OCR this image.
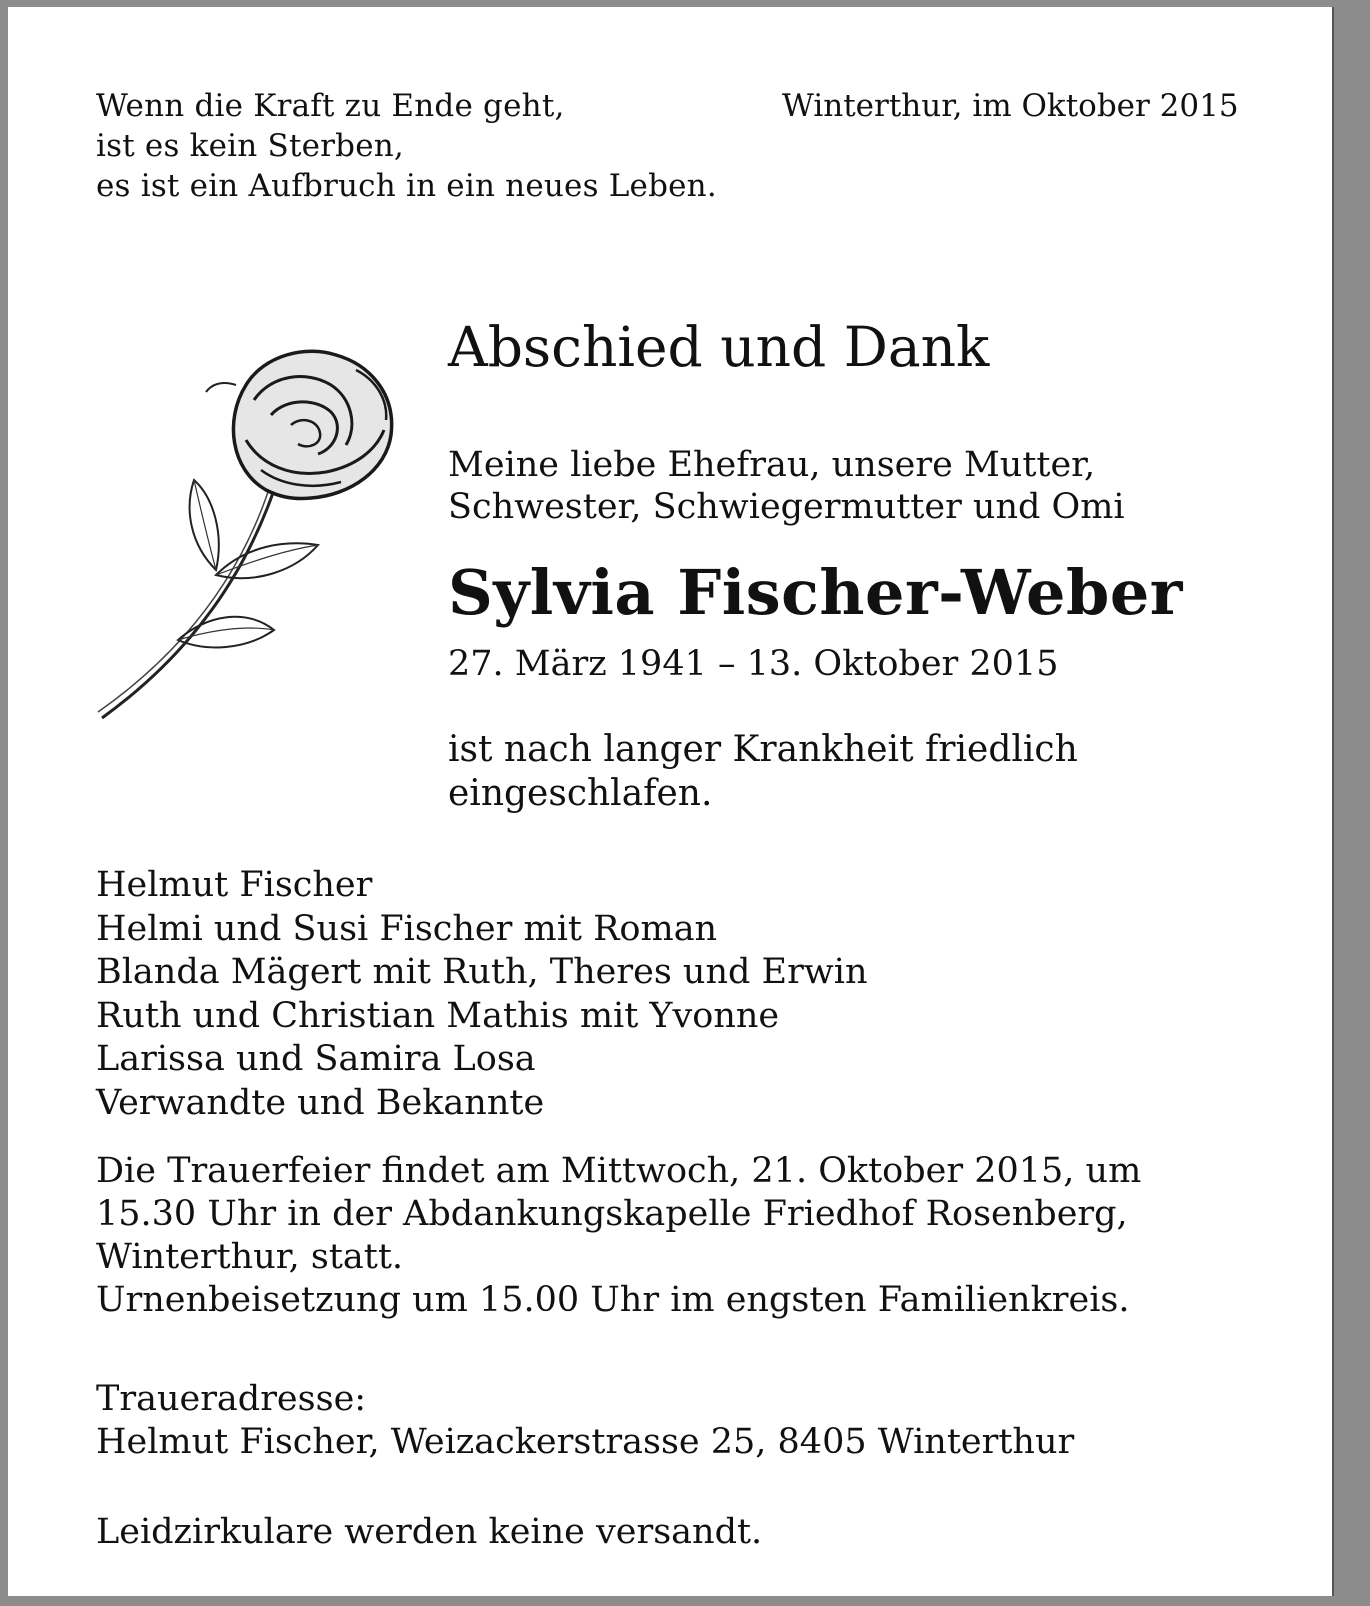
Wenn die Kraft zu Ende geht,
ist es kein Sterben,
es ist ein Aufbruch in ein neues Leben.
Winterthur, im Oktober 2015
Abschied und Dank
Meine liebe Ehefrau, unsere Mutter,
Schwester, Schwiegermutter und Omi
Sylvia Fischer-Weber
27. März 1941 – 13. Oktober 2015
ist nach langer Krankheit friedlich
eingeschlafen.
Helmut Fischer
Helmi und Susi Fischer mit Roman
Blanda Mägert mit Ruth, Theres und Erwin
Ruth und Christian Mathis mit Yvonne
Larissa und Samira Losa
Verwandte und Bekannte
Die Trauerfeier findet am Mittwoch, 21. Oktober 2015, um
15.30 Uhr in der Abdankungskapelle Friedhof Rosenberg,
Winterthur, statt.
Urnenbeisetzung um 15.00 Uhr im engsten Familienkreis.
Traueradresse:
Helmut Fischer, Weizackerstrasse 25, 8405 Winterthur
Leidzirkulare werden keine versandt.
